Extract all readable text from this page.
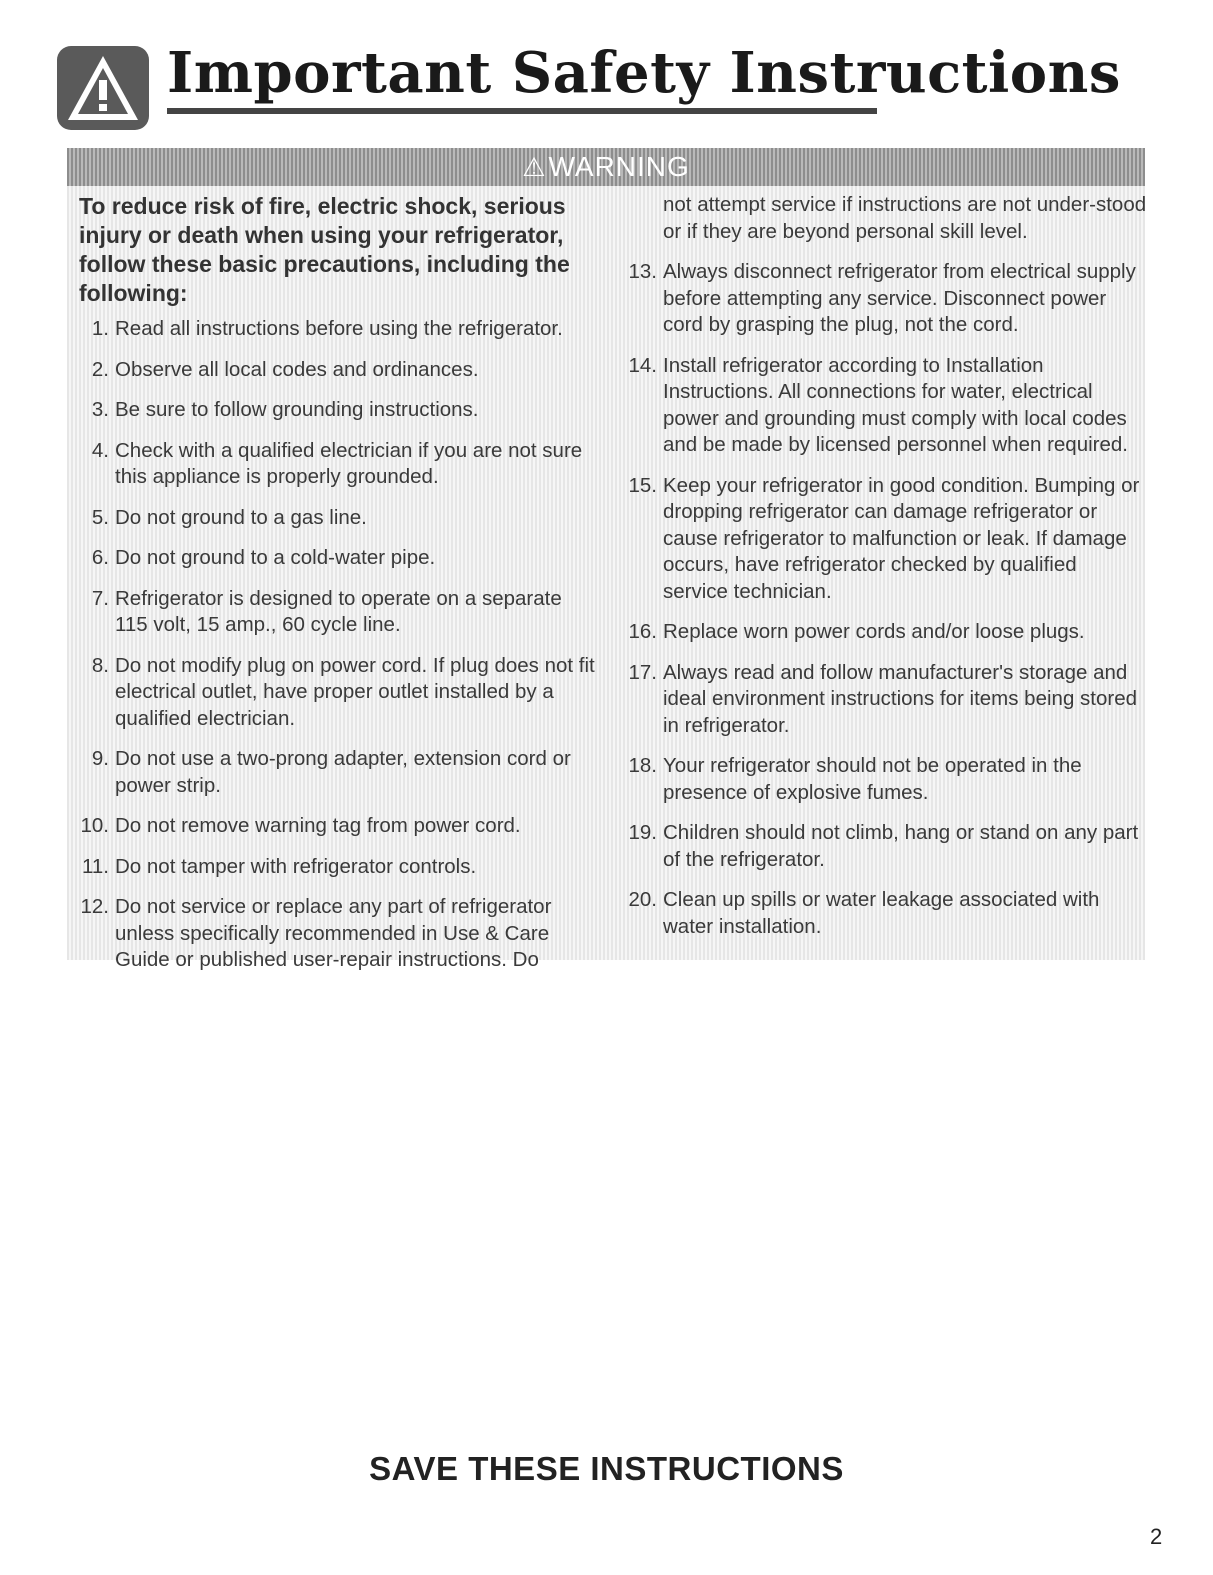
Important Safety Instructions
⚠WARNING
To reduce risk of fire, electric shock, serious injury or death when using your refrigerator, follow these basic precautions, including the following:
1. Read all instructions before using the refrigerator.
2. Observe all local codes and ordinances.
3. Be sure to follow grounding instructions.
4. Check with a qualified electrician if you are not sure this appliance is properly grounded.
5. Do not ground to a gas line.
6. Do not ground to a cold-water pipe.
7. Refrigerator is designed to operate on a separate 115 volt, 15 amp., 60 cycle line.
8. Do not modify plug on power cord. If plug does not fit electrical outlet, have proper outlet installed by a qualified electrician.
9. Do not use a two-prong adapter, extension cord or power strip.
10. Do not remove warning tag from power cord.
11. Do not tamper with refrigerator controls.
12. Do not service or replace any part of refrigerator unless specifically recommended in Use & Care Guide or published user-repair instructions. Do
not attempt service if instructions are not under-stood or if they are beyond personal skill level.
13. Always disconnect refrigerator from electrical supply before attempting any service. Disconnect power cord by grasping the plug, not the cord.
14. Install refrigerator according to Installation Instructions. All connections for water, electrical power and grounding must comply with local codes and be made by licensed personnel when required.
15. Keep your refrigerator in good condition. Bumping or dropping refrigerator can damage refrigerator or cause refrigerator to malfunction or leak. If damage occurs, have refrigerator checked by qualified service technician.
16. Replace worn power cords and/or loose plugs.
17. Always read and follow manufacturer's storage and ideal environment instructions for items being stored in refrigerator.
18. Your refrigerator should not be operated in the presence of explosive fumes.
19. Children should not climb, hang or stand on any part of the refrigerator.
20. Clean up spills or water leakage associated with water installation.
SAVE THESE INSTRUCTIONS
2
